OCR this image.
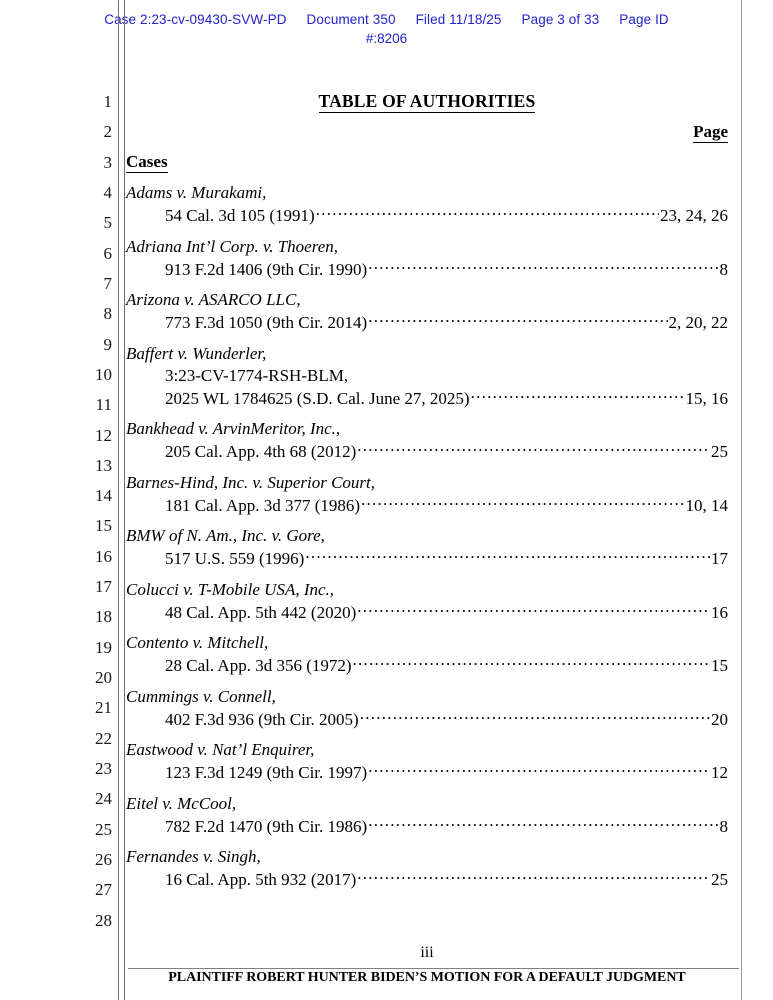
Case 2:23-cv-09430-SVW-PD Document 350 Filed 11/18/25 Page 3 of 33 Page ID
#:8206
1
2
3
4
5
6
7
8
9
10
11
12
13
14
15
16
17
18
19
20
21
22
23
24
25
26
27
28
TABLE OF AUTHORITIES
Page
Cases
Adams v. Murakami,
54 Cal. 3d 105 (1991) .....	23, 24, 26
Adriana Int’l Corp. v. Thoeren,
913 F.2d 1406 (9th Cir. 1990) .....	8
Arizona v. ASARCO LLC,
773 F.3d 1050 (9th Cir. 2014) .....	2, 20, 22
Baffert v. Wunderler,
3:23-CV-1774-RSH-BLM,
2025 WL 1784625 (S.D. Cal. June 27, 2025) .....	15, 16
Bankhead v. ArvinMeritor, Inc.,
205 Cal. App. 4th 68 (2012) .....	25
Barnes-Hind, Inc. v. Superior Court,
181 Cal. App. 3d 377 (1986) .....	10, 14
BMW of N. Am., Inc. v. Gore,
517 U.S. 559 (1996) .....	17
Colucci v. T-Mobile USA, Inc.,
48 Cal. App. 5th 442 (2020) .....	16
Contento v. Mitchell,
28 Cal. App. 3d 356 (1972) .....	15
Cummings v. Connell,
402 F.3d 936 (9th Cir. 2005) .....	20
Eastwood v. Nat’l Enquirer,
123 F.3d 1249 (9th Cir. 1997) .....	12
Eitel v. McCool,
782 F.2d 1470 (9th Cir. 1986) .....	8
Fernandes v. Singh,
16 Cal. App. 5th 932 (2017) .....	25
iii
PLAINTIFF ROBERT HUNTER BIDEN’S MOTION FOR A DEFAULT JUDGMENT
